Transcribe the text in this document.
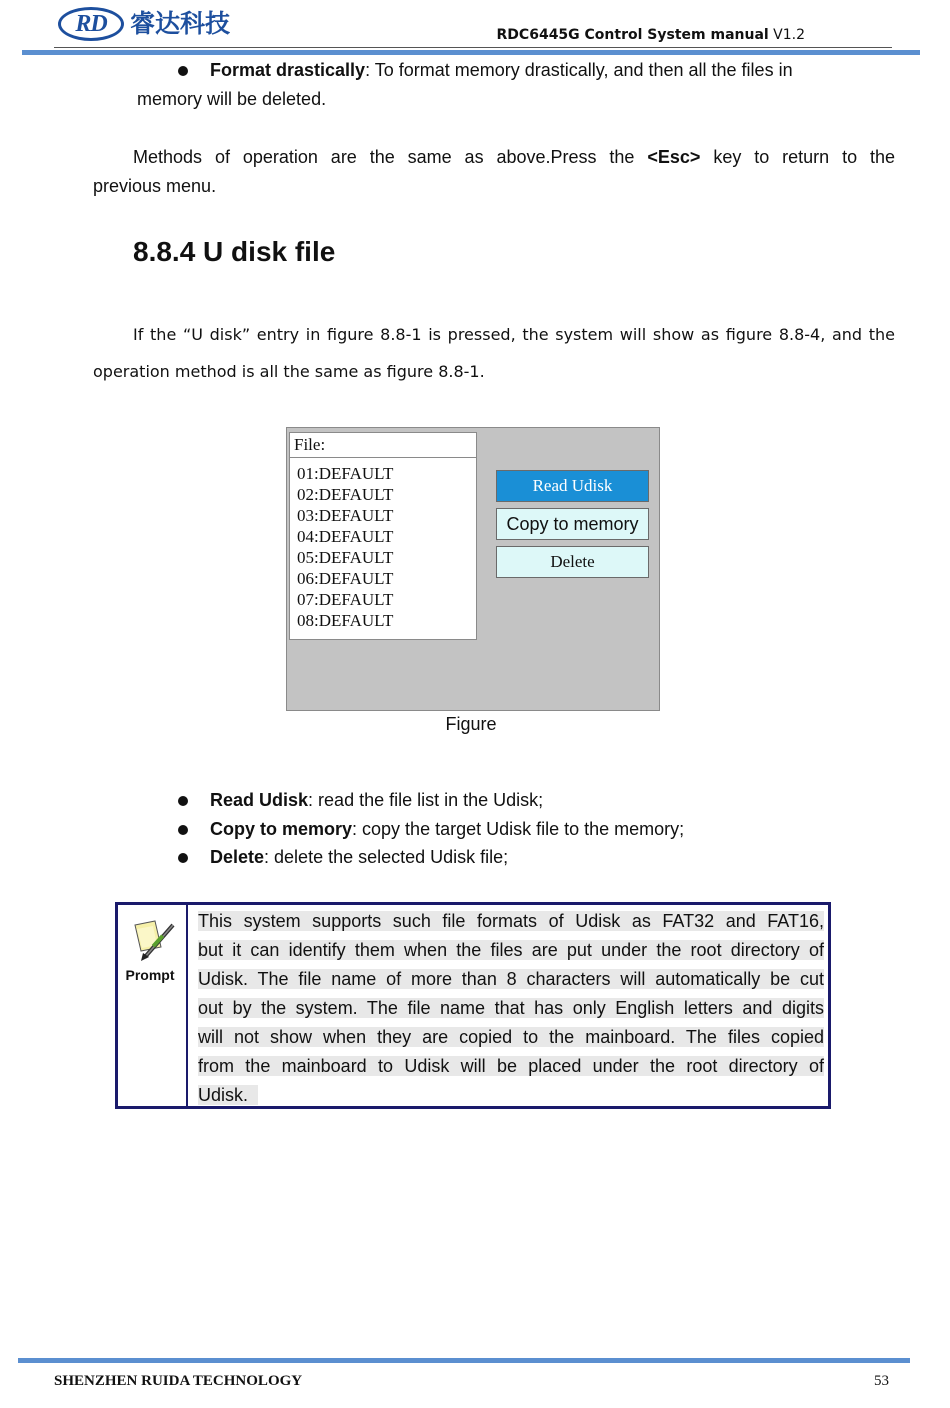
RD 睿达科技	RDC6445G Control System manual V1.2
Format drastically: To format memory drastically, and then all the files in
memory will be deleted.
Methods of operation are the same as above.Press the <Esc> key to return to the
previous menu.
8.8.4 U disk file
If the “U disk” entry in figure 8.8-1 is pressed, the system will show as figure 8.8-4, and the
operation method is all the same as figure 8.8-1.
File:
01:DEFAULT
02:DEFAULT
03:DEFAULT
04:DEFAULT
05:DEFAULT
06:DEFAULT
07:DEFAULT
08:DEFAULT
Read Udisk
Copy to memory
Delete
Figure
Read Udisk: read the file list in the Udisk;
Copy to memory: copy the target Udisk file to the memory;
Delete: delete the selected Udisk file;
Prompt
This system supports such file formats of Udisk as FAT32 and FAT16,
but it can identify them when the files are put under the root directory of
Udisk. The file name of more than 8 characters will automatically be cut
out by the system. The file name that has only English letters and digits
will not show when they are copied to the mainboard. The files copied
from the mainboard to Udisk will be placed under the root directory of
Udisk.
SHENZHEN RUIDA TECHNOLOGY	53
